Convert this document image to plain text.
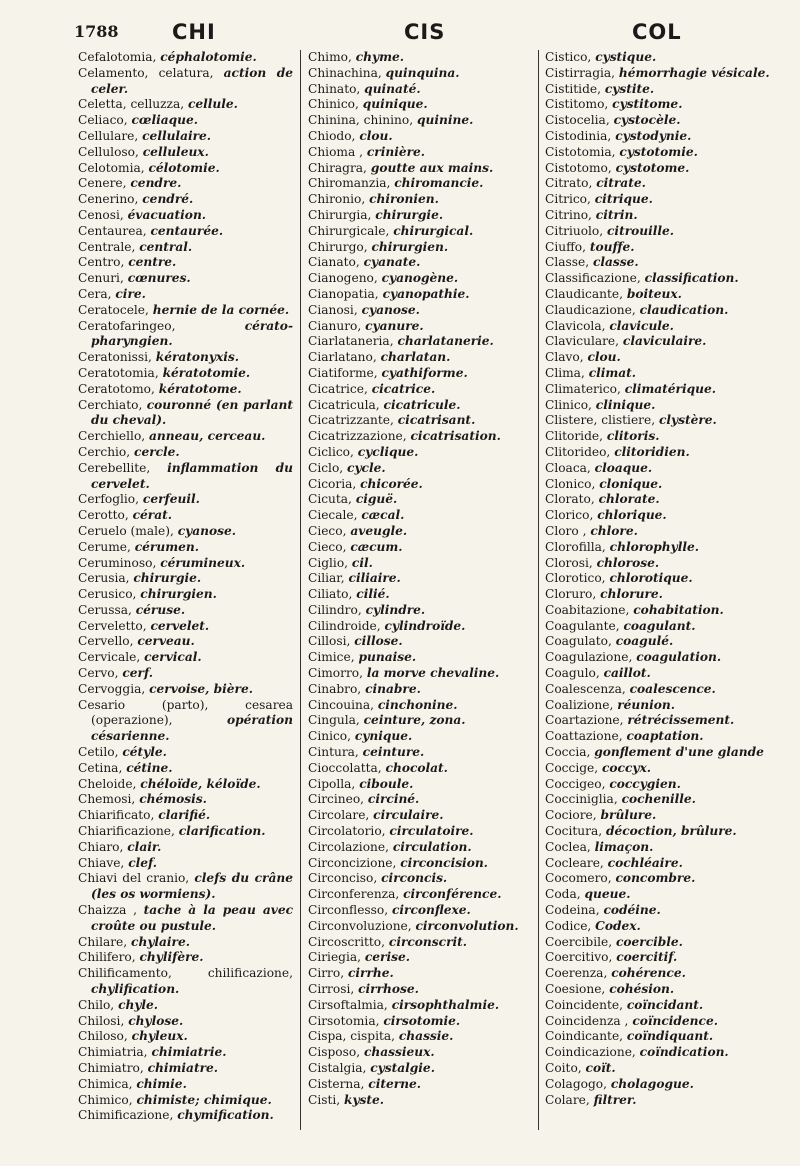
1788	CHI	CIS	COL
Cefalotomia, céphalotomie.
Celamento, celatura, action de celer.
Celetta, celluzza, cellule.
Celiaco, cœliaque.
Cellulare, cellulaire.
Celluloso, celluleux.
Celotomia, célotomie.
Cenere, cendre.
Cenerino, cendré.
Cenosi, évacuation.
Centaurea, centaurée.
Centrale, central.
Centro, centre.
Cenuri, cœnures.
Cera, cire.
Ceratocele, hernie de la cornée.
Ceratofaringeo,	cérato-pharyngien.
Ceratonissi, kératonyxis.
Ceratotomia, kératotomie.
Ceratotomo, kératotome.
Cerchiato, couronné (en parlant du cheval).
Cerchiello, anneau, cerceau.
Cerchio, cercle.
Cerebellite, inflammation du cervelet.
Cerfoglio, cerfeuil.
Cerotto, cérat.
Ceruelo (male), cyanose.
Cerume, cérumen.
Ceruminoso, cérumineux.
Cerusia, chirurgie.
Cerusico, chirurgien.
Cerussa, céruse.
Cerveletto, cervelet.
Cervello, cerveau.
Cervicale, cervical.
Cervo, cerf.
Cervoggia, cervoise, bière.
Cesario (parto), cesarea (operazione),	opération césarienne.
Cetilo, cétyle.
Cetina, cétine.
Cheloide, chéloïde, kéloïde.
Chemosi, chémosis.
Chiarificato, clarifié.
Chiarificazione, clarification.
Chiaro, clair.
Chiave, clef.
Chiavi del cranio, clefs du crâne (les os wormiens).
Chaizza , tache à la peau avec croûte ou pustule.
Chilare, chylaire.
Chilifero, chylifère.
Chilificamento, chilificazione, chylification.
Chilo, chyle.
Chilosi, chylose.
Chiloso, chyleux.
Chimiatria, chimiatrie.
Chimiatro, chimiatre.
Chimica, chimie.
Chimico, chimiste; chimique.
Chimificazione, chymification.
Chimo, chyme.
Chinachina, quinquina.
Chinato, quinaté.
Chinico, quinique.
Chinina, chinino, quinine.
Chiodo, clou.
Chioma , crinière.
Chiragra, goutte aux mains.
Chiromanzia, chiromancie.
Chironio, chironien.
Chirurgia, chirurgie.
Chirurgicale, chirurgical.
Chirurgo, chirurgien.
Cianato, cyanate.
Cianogeno, cyanogène.
Cianopatia, cyanopathie.
Cianosi, cyanose.
Cianuro, cyanure.
Ciarlataneria, charlatanerie.
Ciarlatano, charlatan.
Ciatiforme, cyathiforme.
Cicatrice, cicatrice.
Cicatricula, cicatricule.
Cicatrizzante, cicatrisant.
Cicatrizzazione, cicatrisation.
Ciclico, cyclique.
Ciclo, cycle.
Cicoria, chicorée.
Cicuta, ciguë.
Ciecale, cæcal.
Cieco, aveugle.
Cieco, cæcum.
Ciglio, cil.
Ciliar, ciliaire.
Ciliato, cilié.
Cilindro, cylindre.
Cilindroide, cylindroïde.
Cillosi, cillose.
Cimice, punaise.
Cimorro, la morve chevaline.
Cinabro, cinabre.
Cincouina, cinchonine.
Cingula, ceinture, zona.
Cinico, cynique.
Cintura, ceinture.
Cioccolatta, chocolat.
Cipolla, ciboule.
Circineo, circiné.
Circolare, circulaire.
Circolatorio, circulatoire.
Circolazione, circulation.
Circoncizione, circoncision.
Circonciso, circoncis.
Circonferenza, circonférence.
Circonflesso, circonflexe.
Circonvoluzione, circonvolution.
Circoscritto, circonscrit.
Ciriegia, cerise.
Cirro, cirrhe.
Cirrosi, cirrhose.
Cirsoftalmia, cirsophthalmie.
Cirsotomia, cirsotomie.
Cispa, cispita, chassie.
Cisposo, chassieux.
Cistalgia, cystalgie.
Cisterna, citerne.
Cisti, kyste.
Cistico, cystique.
Cistirragia, hémorrhagie vésicale.
Cistitide, cystite.
Cistitomo, cystitome.
Cistocelia, cystocèle.
Cistodinia, cystodynie.
Cistotomia, cystotomie.
Cistotomo, cystotome.
Citrato, citrate.
Citrico, citrique.
Citrino, citrin.
Citriuolo, citrouille.
Ciuffo, touffe.
Classe, classe.
Classificazione, classification.
Claudicante, boiteux.
Claudicazione, claudication.
Clavicola, clavicule.
Claviculare, claviculaire.
Clavo, clou.
Clima, climat.
Climaterico, climatérique.
Clinico, clinique.
Clistere, clistiere, clystère.
Clitoride, clitoris.
Clitorideo, clitoridien.
Cloaca, cloaque.
Clonico, clonique.
Clorato, chlorate.
Clorico, chlorique.
Cloro , chlore.
Clorofilla, chlorophylle.
Clorosi, chlorose.
Clorotico, chlorotique.
Cloruro, chlorure.
Coabitazione, cohabitation.
Coagulante, coagulant.
Coagulato, coagulé.
Coagulazione, coagulation.
Coagulo, caillot.
Coalescenza, coalescence.
Coalizione, réunion.
Coartazione, rétrécissement.
Coattazione, coaptation.
Coccia, gonflement d'une glande
Coccige, coccyx.
Coccigeo, coccygien.
Cocciniglia, cochenille.
Cociore, brûlure.
Cocitura, décoction, brûlure.
Coclea, limaçon.
Cocleare, cochléaire.
Cocomero, concombre.
Coda, queue.
Codeina, codéine.
Codice, Codex.
Coercibile, coercible.
Coercitivo, coercitif.
Coerenza, cohérence.
Coesione, cohésion.
Coincidente, coïncidant.
Coincidenza , coïncidence.
Coindicante, coïndiquant.
Coindicazione, coïndication.
Coito, coït.
Colagogo, cholagogue.
Colare, filtrer.
